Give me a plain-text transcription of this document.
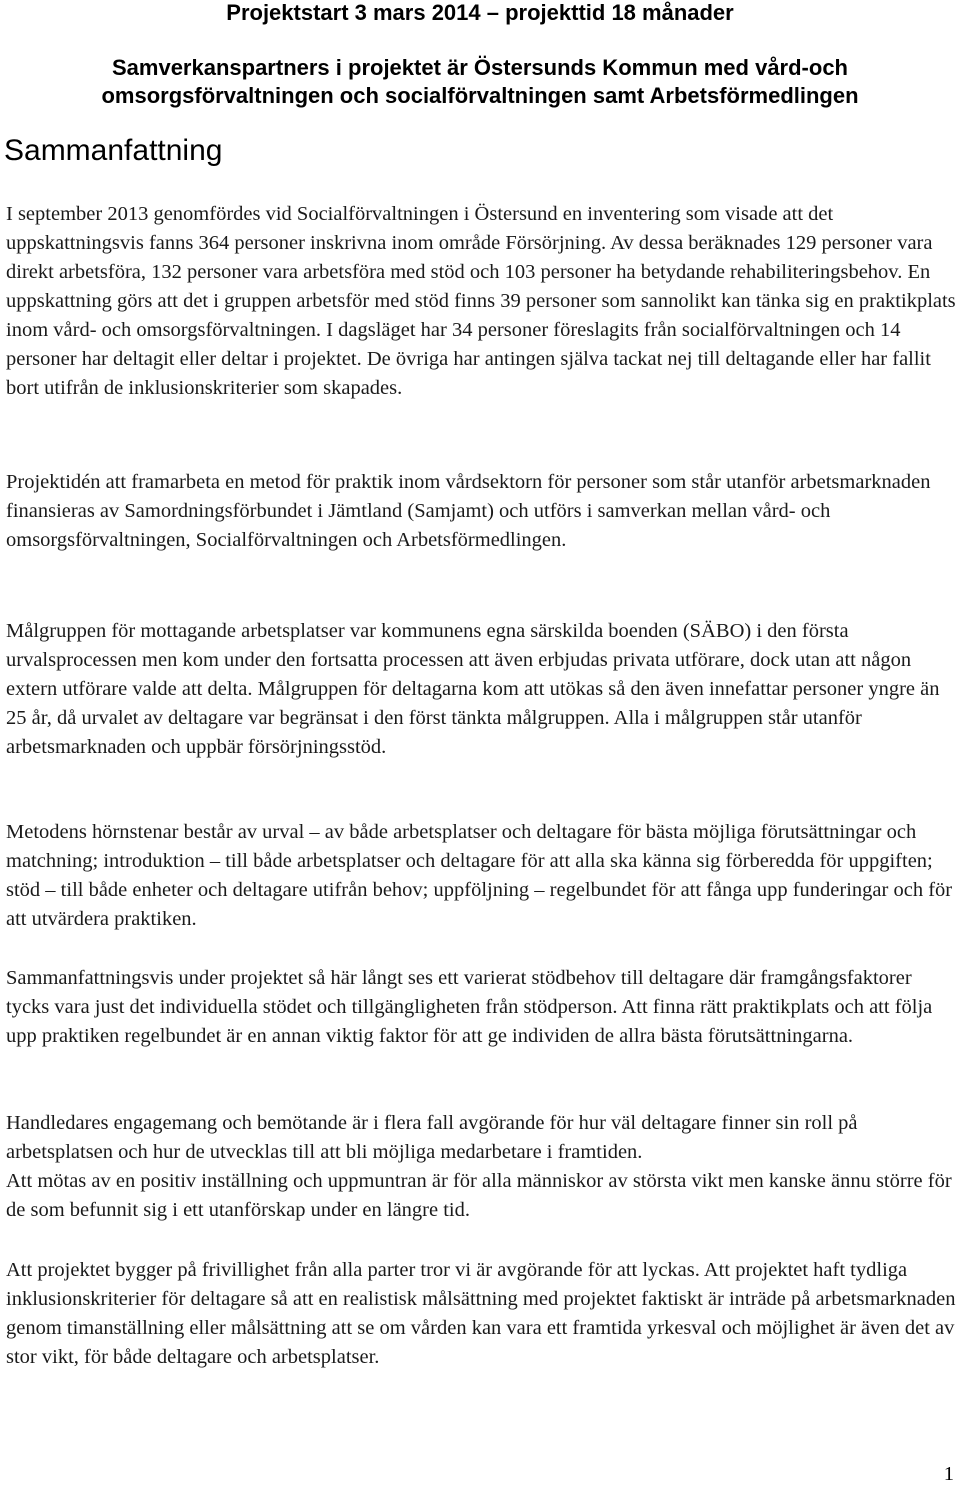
Projektstart 3 mars 2014 – projekttid 18 månader
Samverkanspartners i projektet är Östersunds Kommun med vård-och
omsorgsförvaltningen och socialförvaltningen samt Arbetsförmedlingen
Sammanfattning

I september 2013 genomfördes vid Socialförvaltningen i Östersund en inventering som visade att det uppskattningsvis fanns 364 personer inskrivna inom område Försörjning. Av dessa beräknades 129 personer vara direkt arbetsföra, 132 personer vara arbetsföra med stöd och 103 personer ha betydande rehabiliteringsbehov. En uppskattning görs att det i gruppen arbetsför med stöd finns 39 personer som sannolikt kan tänka sig en praktikplats inom vård- och omsorgsförvaltningen. I dagsläget har 34 personer föreslagits från socialförvaltningen och 14 personer har deltagit eller deltar i projektet. De övriga har antingen själva tackat nej till deltagande eller har fallit bort utifrån de inklusionskriterier som skapades.

Projektidén att framarbeta en metod för praktik inom vårdsektorn för personer som står utanför arbetsmarknaden finansieras av Samordningsförbundet i Jämtland (Samjamt) och utförs i samverkan mellan vård- och omsorgsförvaltningen, Socialförvaltningen och Arbetsförmedlingen.

Målgruppen för mottagande arbetsplatser var kommunens egna särskilda boenden (SÄBO) i den första urvalsprocessen men kom under den fortsatta processen att även erbjudas privata utförare, dock utan att någon extern utförare valde att delta. Målgruppen för deltagarna kom att utökas så den även innefattar personer yngre än 25 år, då urvalet av deltagare var begränsat i den först tänkta målgruppen. Alla i målgruppen står utanför arbetsmarknaden och uppbär försörjningsstöd.

Metodens hörnstenar består av urval – av både arbetsplatser och deltagare för bästa möjliga förutsättningar och matchning; introduktion – till både arbetsplatser och deltagare för att alla ska känna sig förberedda för uppgiften; stöd – till både enheter och deltagare utifrån behov; uppföljning – regelbundet för att fånga upp funderingar och för att utvärdera praktiken.

Sammanfattningsvis under projektet så här långt ses ett varierat stödbehov till deltagare där framgångsfaktorer tycks vara just det individuella stödet och tillgängligheten från stödperson. Att finna rätt praktikplats och att följa upp praktiken regelbundet är en annan viktig faktor för att ge individen de allra bästa förutsättningarna.

Handledares engagemang och bemötande är i flera fall avgörande för hur väl deltagare finner sin roll på arbetsplatsen och hur de utvecklas till att bli möjliga medarbetare i framtiden.

Att mötas av en positiv inställning och uppmuntran är för alla människor av största vikt men kanske ännu större för de som befunnit sig i ett utanförskap under en längre tid.

Att projektet bygger på frivillighet från alla parter tror vi är avgörande för att lyckas. Att projektet haft tydliga inklusionskriterier för deltagare så att en realistisk målsättning med projektet faktiskt är inträde på arbetsmarknaden genom timanställning eller målsättning att se om vården kan vara ett framtida yrkesval och möjlighet är även det av stor vikt, för både deltagare och arbetsplatser.

1
